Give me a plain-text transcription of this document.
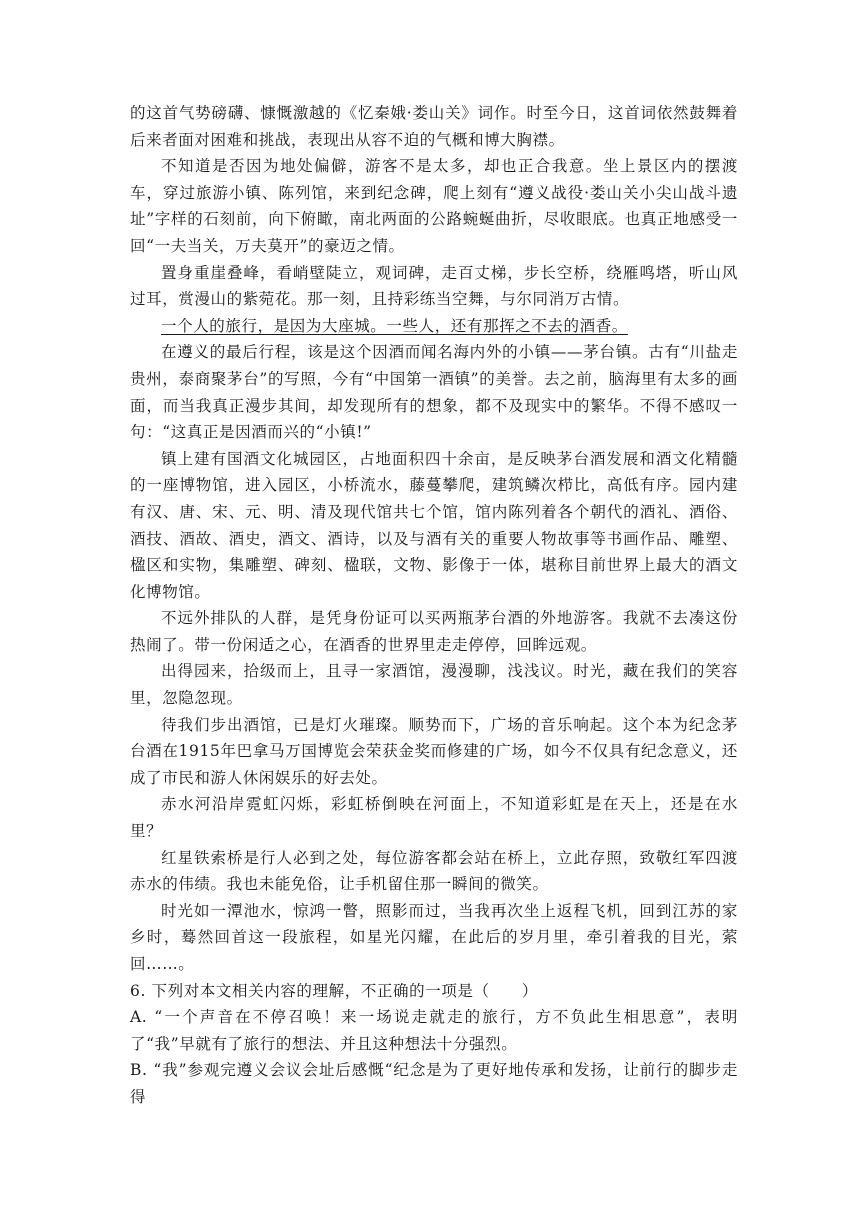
的这首气势磅礴、慷慨激越的《忆秦娥·娄山关》词作。时至今日，这首词依然鼓舞着后来者面对困难和挑战，表现出从容不迫的气概和博大胸襟。

不知道是否因为地处偏僻，游客不是太多，却也正合我意。坐上景区内的摆渡车，穿过旅游小镇、陈列馆，来到纪念碑，爬上刻有“遵义战役·娄山关小尖山战斗遗址”字样的石刻前，向下俯瞰，南北两面的公路蜿蜒曲折，尽收眼底。也真正地感受一回“一夫当关，万夫莫开”的豪迈之情。

置身重崖叠峰，看峭壁陡立，观词碑，走百丈梯，步长空桥，绕雁鸣塔，听山风过耳，赏漫山的紫菀花。那一刻，且持彩练当空舞，与尔同消万古情。

一个人的旅行，是因为大座城。一些人，还有那挥之不去的酒香。

在遵义的最后行程，该是这个因酒而闻名海内外的小镇——茅台镇。古有“川盐走贵州，泰商聚茅台”的写照，今有“中国第一酒镇”的美誉。去之前，脑海里有太多的画面，而当我真正漫步其间，却发现所有的想象，都不及现实中的繁华。不得不感叹一句：“这真正是因酒而兴的“小镇!”

镇上建有国酒文化城园区，占地面积四十余亩，是反映茅台酒发展和酒文化精髓的一座博物馆，进入园区，小桥流水，藤蔓攀爬，建筑鳞次栉比，高低有序。园内建有汉、唐、宋、元、明、清及现代馆共七个馆，馆内陈列着各个朝代的酒礼、酒俗、酒技、酒故、酒史，酒文、酒诗，以及与酒有关的重要人物故事等书画作品、雕塑、楹区和实物，集雕塑、碑刻、楹联，文物、影像于一体，堪称目前世界上最大的酒文化博物馆。

不远外排队的人群，是凭身份证可以买两瓶茅台酒的外地游客。我就不去凑这份热闹了。带一份闲适之心，在酒香的世界里走走停停，回眸远观。

出得园来，拾级而上，且寻一家酒馆，漫漫聊，浅浅议。时光，藏在我们的笑容里，忽隐忽现。

待我们步出酒馆，已是灯火璀璨。顺势而下，广场的音乐响起。这个本为纪念茅台酒在1915年巴拿马万国博览会荣获金奖而修建的广场，如今不仅具有纪念意义，还成了市民和游人休闲娱乐的好去处。

赤水河沿岸霓虹闪烁，彩虹桥倒映在河面上，不知道彩虹是在天上，还是在水里？

红星铁索桥是行人必到之处，每位游客都会站在桥上，立此存照，致敬红军四渡赤水的伟绩。我也未能免俗，让手机留住那一瞬间的微笑。

时光如一潭池水，惊鸿一瞥，照影而过，当我再次坐上返程飞机，回到江苏的家乡时，蓦然回首这一段旅程，如星光闪耀，在此后的岁月里，牵引着我的目光，萦回……。

6. 下列对本文相关内容的理解，不正确的一项是（　　）

A. “一个声音在不停召唤！来一场说走就走的旅行，方不负此生相思意”，表明了“我”早就有了旅行的想法、并且这种想法十分强烈。

B. “我”参观完遵义会议会址后感慨“纪念是为了更好地传承和发扬，让前行的脚步走得
